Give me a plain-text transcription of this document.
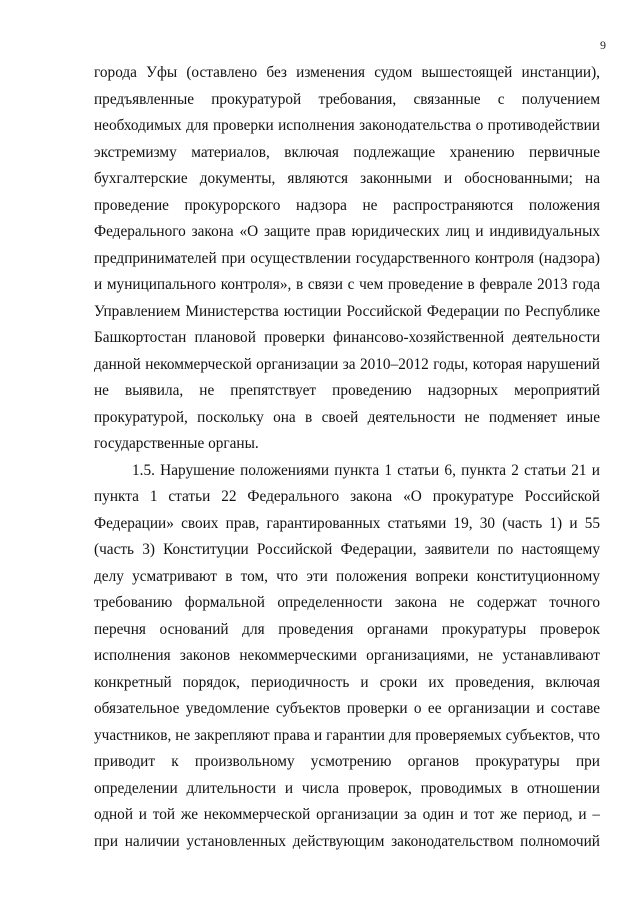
9
города Уфы (оставлено без изменения судом вышестоящей инстанции),
предъявленные прокуратурой требования, связанные с получением
необходимых для проверки исполнения законодательства о противодействии
экстремизму материалов, включая подлежащие хранению первичные
бухгалтерские документы, являются законными и обоснованными; на
проведение прокурорского надзора не распространяются положения
Федерального закона «О защите прав юридических лиц и индивидуальных
предпринимателей при осуществлении государственного контроля (надзора)
и муниципального контроля», в связи с чем проведение в феврале 2013 года
Управлением Министерства юстиции Российской Федерации по Республике
Башкортостан плановой проверки финансово-хозяйственной деятельности
данной некоммерческой организации за 2010–2012 годы, которая нарушений
не выявила, не препятствует проведению надзорных мероприятий
прокуратурой, поскольку она в своей деятельности не подменяет иные
государственные органы.
1.5. Нарушение положениями пункта 1 статьи 6, пункта 2 статьи 21 и
пункта 1 статьи 22 Федерального закона «О прокуратуре Российской
Федерации» своих прав, гарантированных статьями 19, 30 (часть 1) и 55
(часть 3) Конституции Российской Федерации, заявители по настоящему
делу усматривают в том, что эти положения вопреки конституционному
требованию формальной определенности закона не содержат точного
перечня оснований для проведения органами прокуратуры проверок
исполнения законов некоммерческими организациями, не устанавливают
конкретный порядок, периодичность и сроки их проведения, включая
обязательное уведомление субъектов проверки о ее организации и составе
участников, не закрепляют права и гарантии для проверяемых субъектов, что
приводит к произвольному усмотрению органов прокуратуры при
определении длительности и числа проверок, проводимых в отношении
одной и той же некоммерческой организации за один и тот же период, и –
при наличии установленных действующим законодательством полномочий
